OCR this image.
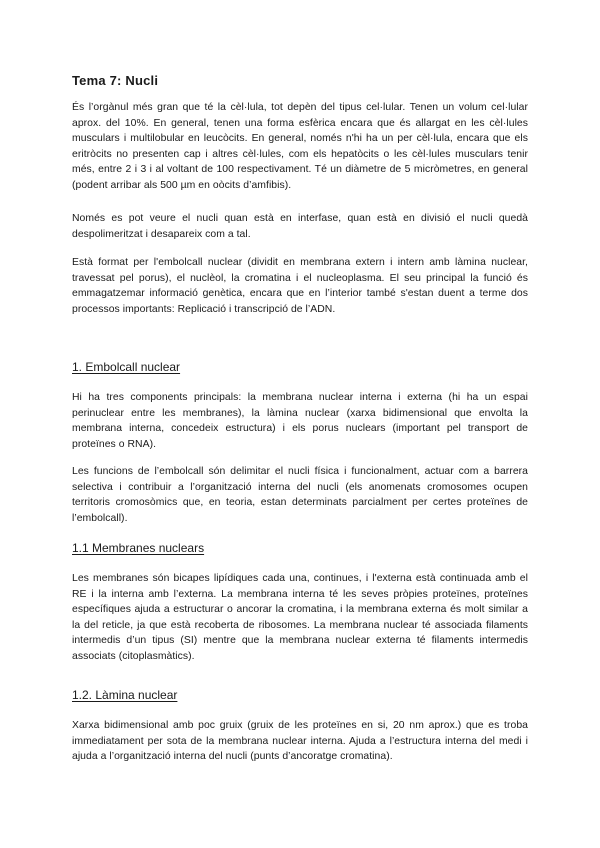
Tema 7: Nucli

És l’orgànul més gran que té la cèl·lula, tot depèn del tipus cel·lular. Tenen un volum cel·lular aprox. del 10%. En general, tenen una forma esfèrica encara que és allargat en les cèl·lules musculars i multilobular en leucòcits. En general, només n'hi ha un per cèl·lula, encara que els eritròcits no presenten cap i altres cèl·lules, com els hepatòcits o les cèl·lules musculars tenir més, entre 2 i 3 i al voltant de 100 respectivament. Té un diàmetre de 5 micròmetres, en general (podent arribar als 500 µm en oòcits d’amfibis).

Només es pot veure el nucli quan està en interfase, quan està en divisió el nucli quedà despolimeritzat i desapareix com a tal.

Està format per l'embolcall nuclear (dividit en membrana extern i intern amb làmina nuclear, travessat pel porus), el nuclèol, la cromatina i el nucleoplasma. El seu principal la funció és emmagatzemar informació genètica, encara que en l’interior també s'estan duent a terme dos processos importants: Replicació i transcripció de l’ADN.

1. Embolcall nuclear

Hi ha tres components principals: la membrana nuclear interna i externa (hi ha un espai perinuclear entre les membranes), la làmina nuclear (xarxa bidimensional que envolta la membrana interna, concedeix estructura) i els porus nuclears (important pel transport de proteïnes o RNA).

Les funcions de l’embolcall són delimitar el nucli física i funcionalment, actuar com a barrera selectiva i contribuir a l’organització interna del nucli (els anomenats cromosomes ocupen territoris cromosòmics que, en teoria, estan determinats parcialment per certes proteïnes de l’embolcall).

1.1 Membranes nuclears

Les membranes són bicapes lipídiques cada una, continues, i l'externa està continuada amb el RE i la interna amb l’externa. La membrana interna té les seves pròpies proteïnes, proteïnes específiques ajuda a estructurar o ancorar la cromatina, i la membrana externa és molt similar a la del reticle, ja que està recoberta de ribosomes. La membrana nuclear té associada filaments intermedis d’un tipus (SI) mentre que la membrana nuclear externa té filaments intermedis associats (citoplasmàtics).

1.2. Làmina nuclear

Xarxa bidimensional amb poc gruix (gruix de les proteïnes en si, 20 nm aprox.) que es troba immediatament per sota de la membrana nuclear interna. Ajuda a l’estructura interna del medi i ajuda a l’organització interna del nucli (punts d’ancoratge cromatina).
